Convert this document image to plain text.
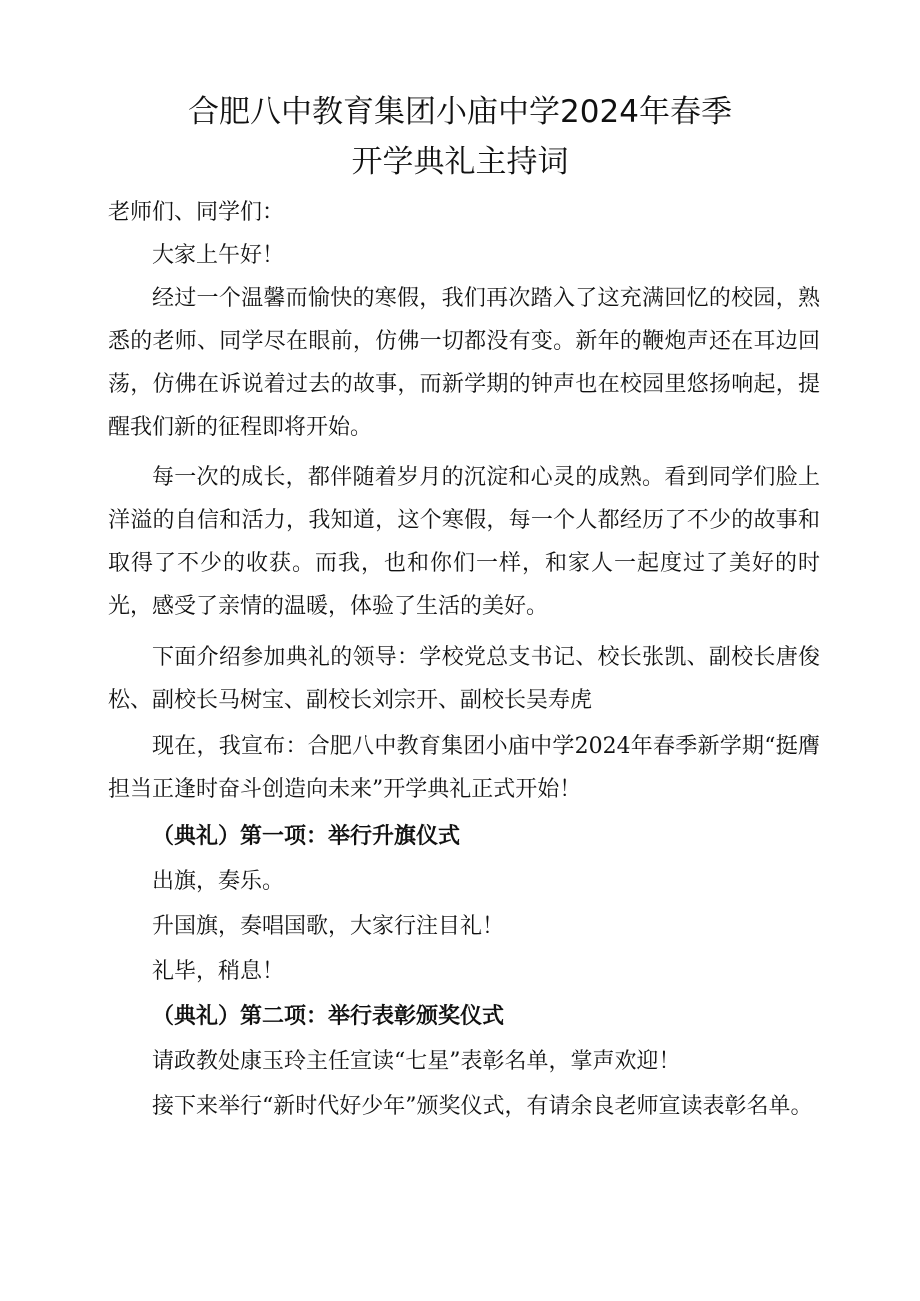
合肥八中教育集团小庙中学2024年春季
开学典礼主持词

老师们、同学们：

大家上午好！

经过一个温馨而愉快的寒假，我们再次踏入了这充满回忆的校园，熟悉的老师、同学尽在眼前，仿佛一切都没有变。新年的鞭炮声还在耳边回荡，仿佛在诉说着过去的故事，而新学期的钟声也在校园里悠扬响起，提醒我们新的征程即将开始。

每一次的成长，都伴随着岁月的沉淀和心灵的成熟。看到同学们脸上洋溢的自信和活力，我知道，这个寒假，每一个人都经历了不少的故事和取得了不少的收获。而我，也和你们一样，和家人一起度过了美好的时光，感受了亲情的温暖，体验了生活的美好。

下面介绍参加典礼的领导：学校党总支书记、校长张凯、副校长唐俊松、副校长马树宝、副校长刘宗开、副校长吴寿虎

现在，我宣布：合肥八中教育集团小庙中学2024年春季新学期“挺膺担当正逢时奋斗创造向未来”开学典礼正式开始！

（典礼）第一项：举行升旗仪式

出旗，奏乐。

升国旗，奏唱国歌，大家行注目礼！

礼毕，稍息！

（典礼）第二项：举行表彰颁奖仪式

请政教处康玉玲主任宣读“七星”表彰名单，掌声欢迎！

接下来举行“新时代好少年”颁奖仪式，有请余良老师宣读表彰名单。
